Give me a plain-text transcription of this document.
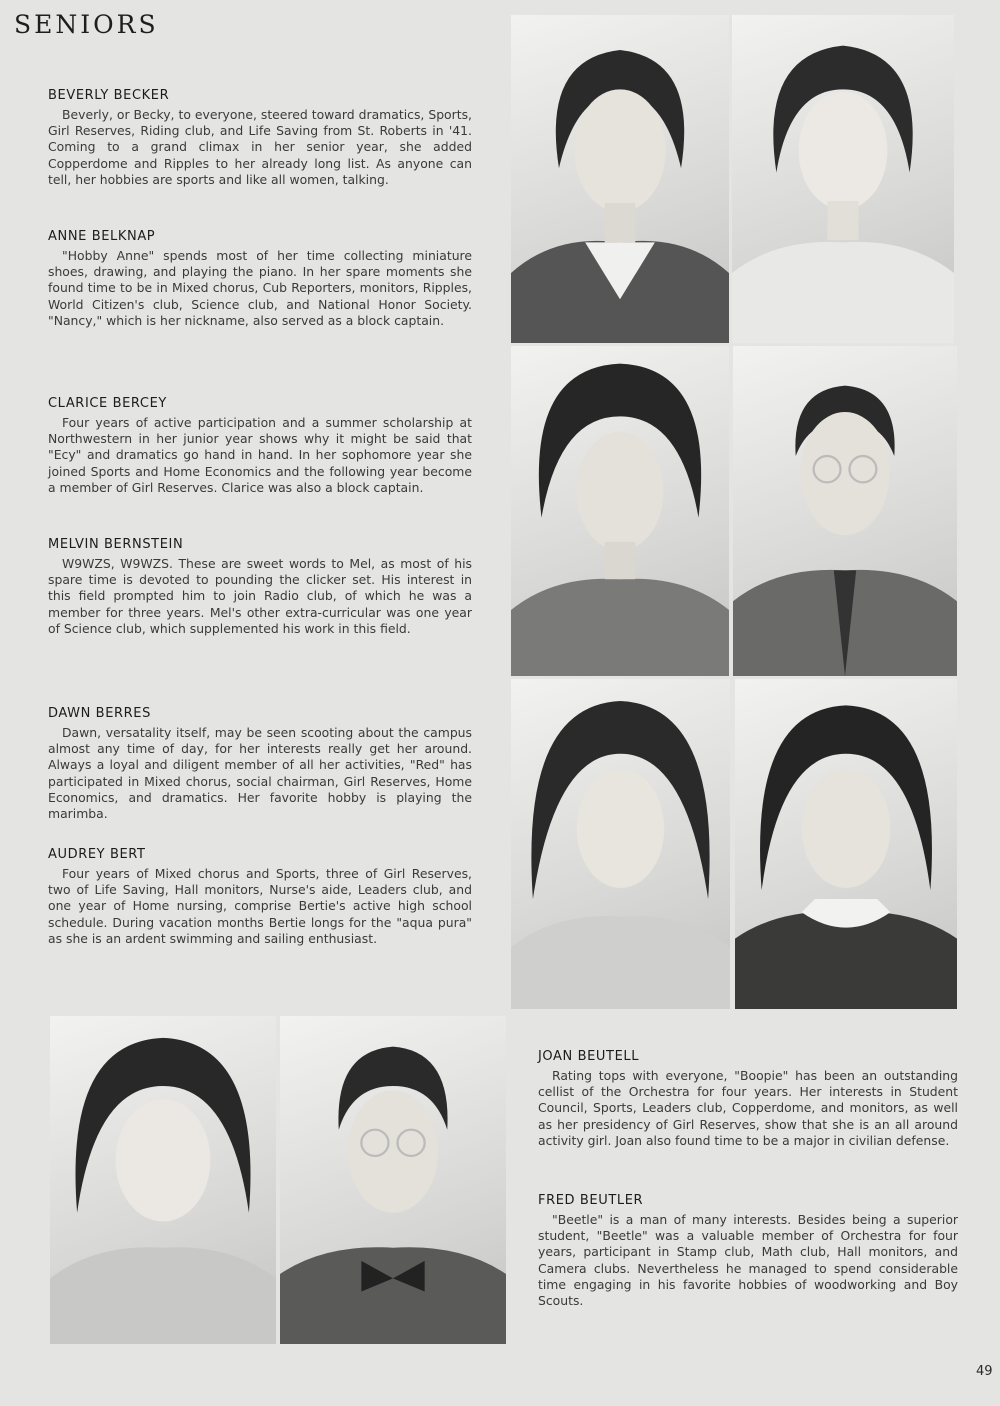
SENIORS
BEVERLY BECKER

Beverly, or Becky, to everyone, steered toward dramatics, Sports, Girl Reserves, Riding club, and Life Saving from St. Roberts in '41. Coming to a grand climax in her senior year, she added Copperdome and Ripples to her already long list. As anyone can tell, her hobbies are sports and like all women, talking.

ANNE BELKNAP

"Hobby Anne" spends most of her time collecting miniature shoes, drawing, and playing the piano. In her spare moments she found time to be in Mixed chorus, Cub Reporters, monitors, Ripples, World Citizen's club, Science club, and National Honor Society. "Nancy," which is her nickname, also served as a block captain.

CLARICE BERCEY

Four years of active participation and a summer scholarship at Northwestern in her junior year shows why it might be said that "Ecy" and dramatics go hand in hand. In her sophomore year she joined Sports and Home Economics and the following year become a member of Girl Reserves. Clarice was also a block captain.

MELVIN BERNSTEIN

W9WZS, W9WZS. These are sweet words to Mel, as most of his spare time is devoted to pounding the clicker set. His interest in this field prompted him to join Radio club, of which he was a member for three years. Mel's other extra-curricular was one year of Science club, which supplemented his work in this field.

DAWN BERRES

Dawn, versatality itself, may be seen scooting about the campus almost any time of day, for her interests really get her around. Always a loyal and diligent member of all her activities, "Red" has participated in Mixed chorus, social chairman, Girl Reserves, Home Economics, and dramatics. Her favorite hobby is playing the marimba.

AUDREY BERT

Four years of Mixed chorus and Sports, three of Girl Reserves, two of Life Saving, Hall monitors, Nurse's aide, Leaders club, and one year of Home nursing, comprise Bertie's active high school schedule. During vacation months Bertie longs for the "aqua pura" as she is an ardent swimming and sailing enthusiast.

JOAN BEUTELL

Rating tops with everyone, "Boopie" has been an outstanding cellist of the Orchestra for four years. Her interests in Student Council, Sports, Leaders club, Copperdome, and monitors, as well as her presidency of Girl Reserves, show that she is an all around activity girl. Joan also found time to be a major in civilian defense.

FRED BEUTLER

"Beetle" is a man of many interests. Besides being a superior student, "Beetle" was a valuable member of Orchestra for four years, participant in Stamp club, Math club, Hall monitors, and Camera clubs. Nevertheless he managed to spend considerable time engaging in his favorite hobbies of woodworking and Boy Scouts.

49
